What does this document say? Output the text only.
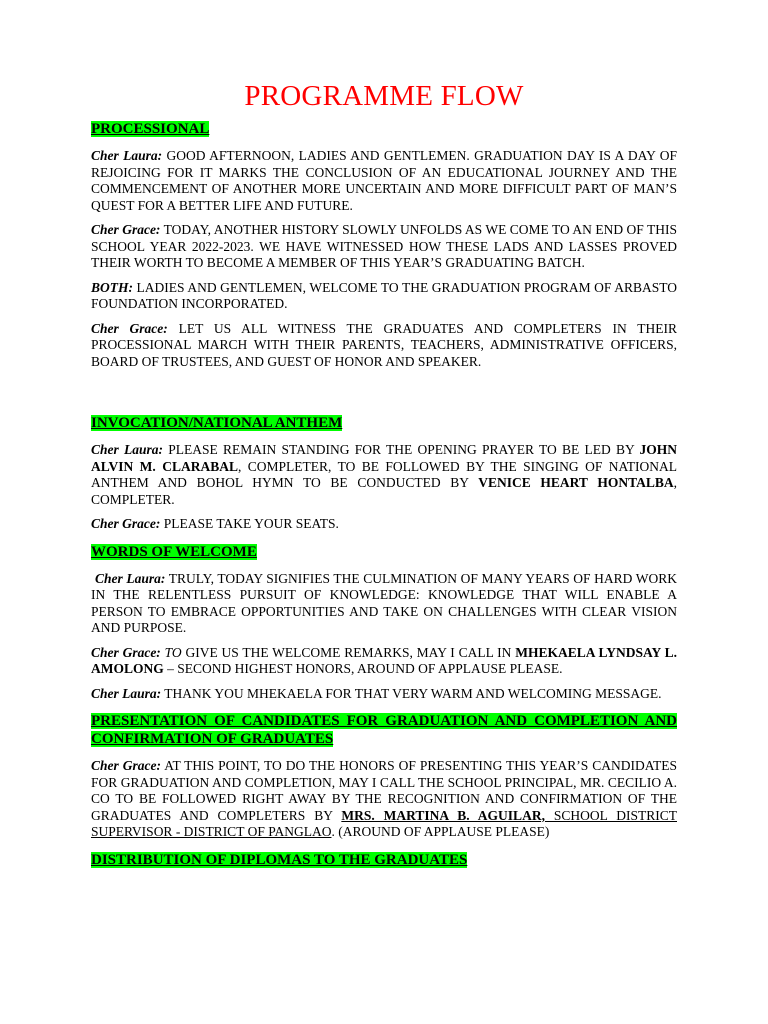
PROGRAMME FLOW
PROCESSIONAL

Cher Laura: GOOD AFTERNOON, LADIES AND GENTLEMEN. GRADUATION DAY IS A DAY OF REJOICING FOR IT MARKS THE CONCLUSION OF AN EDUCATIONAL JOURNEY AND THE COMMENCEMENT OF ANOTHER MORE UNCERTAIN AND MORE DIFFICULT PART OF MAN’S QUEST FOR A BETTER LIFE AND FUTURE.

Cher Grace: TODAY, ANOTHER HISTORY SLOWLY UNFOLDS AS WE COME TO AN END OF THIS SCHOOL YEAR 2022-2023. WE HAVE WITNESSED HOW THESE LADS AND LASSES PROVED THEIR WORTH TO BECOME A MEMBER OF THIS YEAR’S GRADUATING BATCH.

BOTH: LADIES AND GENTLEMEN, WELCOME TO THE GRADUATION PROGRAM OF ARBASTO FOUNDATION INCORPORATED.

Cher Grace: LET US ALL WITNESS THE GRADUATES AND COMPLETERS IN THEIR PROCESSIONAL MARCH WITH THEIR PARENTS, TEACHERS, ADMINISTRATIVE OFFICERS, BOARD OF TRUSTEES, AND GUEST OF HONOR AND SPEAKER.

INVOCATION/NATIONAL ANTHEM

Cher Laura: PLEASE REMAIN STANDING FOR THE OPENING PRAYER TO BE LED BY JOHN ALVIN M. CLARABAL, COMPLETER, TO BE FOLLOWED BY THE SINGING OF NATIONAL ANTHEM AND BOHOL HYMN TO BE CONDUCTED BY VENICE HEART HONTALBA, COMPLETER.

Cher Grace: PLEASE TAKE YOUR SEATS.

WORDS OF WELCOME

Cher Laura: TRULY, TODAY SIGNIFIES THE CULMINATION OF MANY YEARS OF HARD WORK IN THE RELENTLESS PURSUIT OF KNOWLEDGE: KNOWLEDGE THAT WILL ENABLE A PERSON TO EMBRACE OPPORTUNITIES AND TAKE ON CHALLENGES WITH CLEAR VISION AND PURPOSE.

Cher Grace: TO GIVE US THE WELCOME REMARKS, MAY I CALL IN MHEKAELA LYNDSAY L. AMOLONG – SECOND HIGHEST HONORS, AROUND OF APPLAUSE PLEASE.

Cher Laura: THANK YOU MHEKAELA FOR THAT VERY WARM AND WELCOMING MESSAGE.

PRESENTATION OF CANDIDATES FOR GRADUATION AND COMPLETION AND CONFIRMATION OF GRADUATES

Cher Grace: AT THIS POINT, TO DO THE HONORS OF PRESENTING THIS YEAR’S CANDIDATES FOR GRADUATION AND COMPLETION, MAY I CALL THE SCHOOL PRINCIPAL, MR. CECILIO A. CO TO BE FOLLOWED RIGHT AWAY BY THE RECOGNITION AND CONFIRMATION OF THE GRADUATES AND COMPLETERS BY MRS. MARTINA B. AGUILAR, SCHOOL DISTRICT SUPERVISOR - DISTRICT OF PANGLAO. (AROUND OF APPLAUSE PLEASE)

DISTRIBUTION OF DIPLOMAS TO THE GRADUATES
